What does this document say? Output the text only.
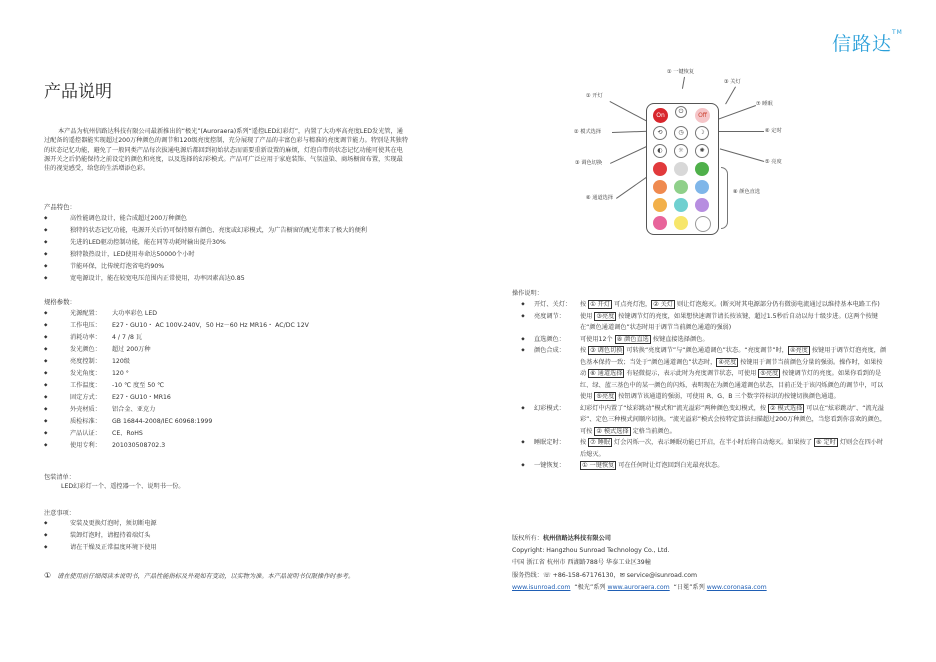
信路达™
产品说明
本产品为杭州信路达科技有限公司最新推出的“极光”(Auroraera)系列“遥控LED幻彩灯”，内置了大功率高亮度LED发光管，通过配备的遥控器能实现超过200万种颜色的调节和120级亮度控制，充分展现了产品的丰富色彩与精准的亮度调节能力。特别是其独特的状态记忆功能，避免了一般同类产品每次拔通电源后都回到初始状态而需要重新设置的麻烦，灯泡自带的状态记忆功能可使其在电源开关之后仍能保持之前设定的颜色和亮度，以及选择的幻彩模式。产品可广泛应用于家庭装饰、气氛渲染、商场橱窗布置，实现最佳的视觉感受，给您的生活增添色彩。
产品特色：
◆ 高性能调色设计，能合成超过200万种颜色
◆ 独特的状态记忆功能，电源开关后仍可保持原有颜色、亮度或幻彩模式，为广告橱窗的配光带来了极大的便利
◆ 先进的LED驱动控制功能，能在同等功耗时输出提升30%
◆ 独特散热设计，LED使用寿命达50000个小时
◆ 节能环保，比传统灯泡省电约90%
◆ 宽电源设计，能在较宽电压范围内正常使用，功率因素高达0.85
规格参数：
◆ 光源配置： 大功率彩色 LED
◆ 工作电压： E27・GU10・ AC 100V-240V，50 Hz－60 Hz MR16・ AC/DC 12V
◆ 消耗功率： 4 / 7 /8 瓦
◆ 发光颜色： 超过 200万种
◆ 亮度控制： 120级
◆ 发光角度： 120 °
◆ 工作温度： -10 ℃ 度至 50 ℃
◆ 固定方式： E27・GU10・MR16
◆ 外壳材质： 铝合金、亚克力
◆ 质检标准： GB 16844-2008/IEC 60968:1999
◆ 产品认证： CE、RoHS
◆ 使用专利： 201030508702.3
包装清单：
LED幻彩灯一个、遥控器一个、说明书一份。
注意事项：
◆ 安装及更换灯泡时，须切断电源
◆ 装卸灯泡时，请握持着端灯头
◆ 请在干燥及正常温度环境下使用
① 请在使用前仔细阅读本说明书，产品性能指标及外观如有变动，以实物为准。本产品说明书仅限操作时参考。
① 一键恢复
③ 关灯
① 开灯
⑦ 睡眠
② 模式选择	⑥ 定时
③ 调色切换	⑤ 亮度
⑥ 通道选择
⑧ 颜色直选
⏻
On	Off
⟲	◷	☽
◐	☼	✺
操作说明：
◆	开灯、关灯：	按 ① 开灯 可点亮灯泡， ② 关灯 则让灯泡熄灭。(断灭时其电源部分仍有微弱电流通过以维持基本电路工作)
◆	亮度调节：	使用 ③亮度 按键调节灯的亮度，如果想快速调节请长按该键，超过1.5秒后自动以每十级步进。(这两个按键在“颜色通道调色”状态时用于调节当前颜色通道的强弱)
◆	直选颜色：	可使用12个 ⑧ 颜色直选 按键直接选择颜色。
◆	颜色合成：	按 ③ 调色切换 可转换“亮度调节”与“颜色通道调色”状态。“亮度调节”时， ④亮度 按键用于调节灯泡亮度，颜色基本保持一致；当处于“颜色通道调色”状态时， ④亮度 按键用于调节当前颜色分量的强弱。操作时，如果按动 ⑥ 通道选择 有轻微提示，表示此时为亮度调节状态，可使用 ⑤亮度 按键调节灯的亮度。如果你看到的是红、绿、蓝三基色中的某一颜色的闪烁，表明现在为颜色通道调色状态，目前正处于该闪烁颜色的调节中，可以使用 ⑤亮度 按钮调节该通道的强弱，可使用 R、G、B 三个数字符标识的按键切换颜色通道。
◆	幻彩模式：	幻彩灯中内置了“炫彩跳动”模式和“流光溢彩”两种颜色变幻模式，按 ② 模式选择 可以在“炫彩跳动”、“流光溢彩”、定色三种模式间顺序切换。“流光溢彩”模式会按特定算法扫描超过200万种颜色，当您看到你喜欢的颜色，可按 ② 模式选择 定格当前颜色。
◆	睡眠定时：	按 ⑦ 睡眠 灯会闪烁一次，表示睡眠功能已开启，在半小时后将自动熄灭。如果按了 ⑥ 定时 灯则会在四小时后熄灭。
◆	一键恢复：	① 一键恢复 可在任何时让灯泡回到白光最亮状态。
版权所有：杭州信路达科技有限公司
Copyright: Hangzhou Sunroad Technology Co., Ltd.
中国 浙江省 杭州市 西湖路788号 华泰工业区39幢
服务热线：☏ +86-158-67176130，✉ service@isunroad.com
www.isunroad.com “极光”系列 www.auroraera.com “日冕”系列 www.coronasa.com
